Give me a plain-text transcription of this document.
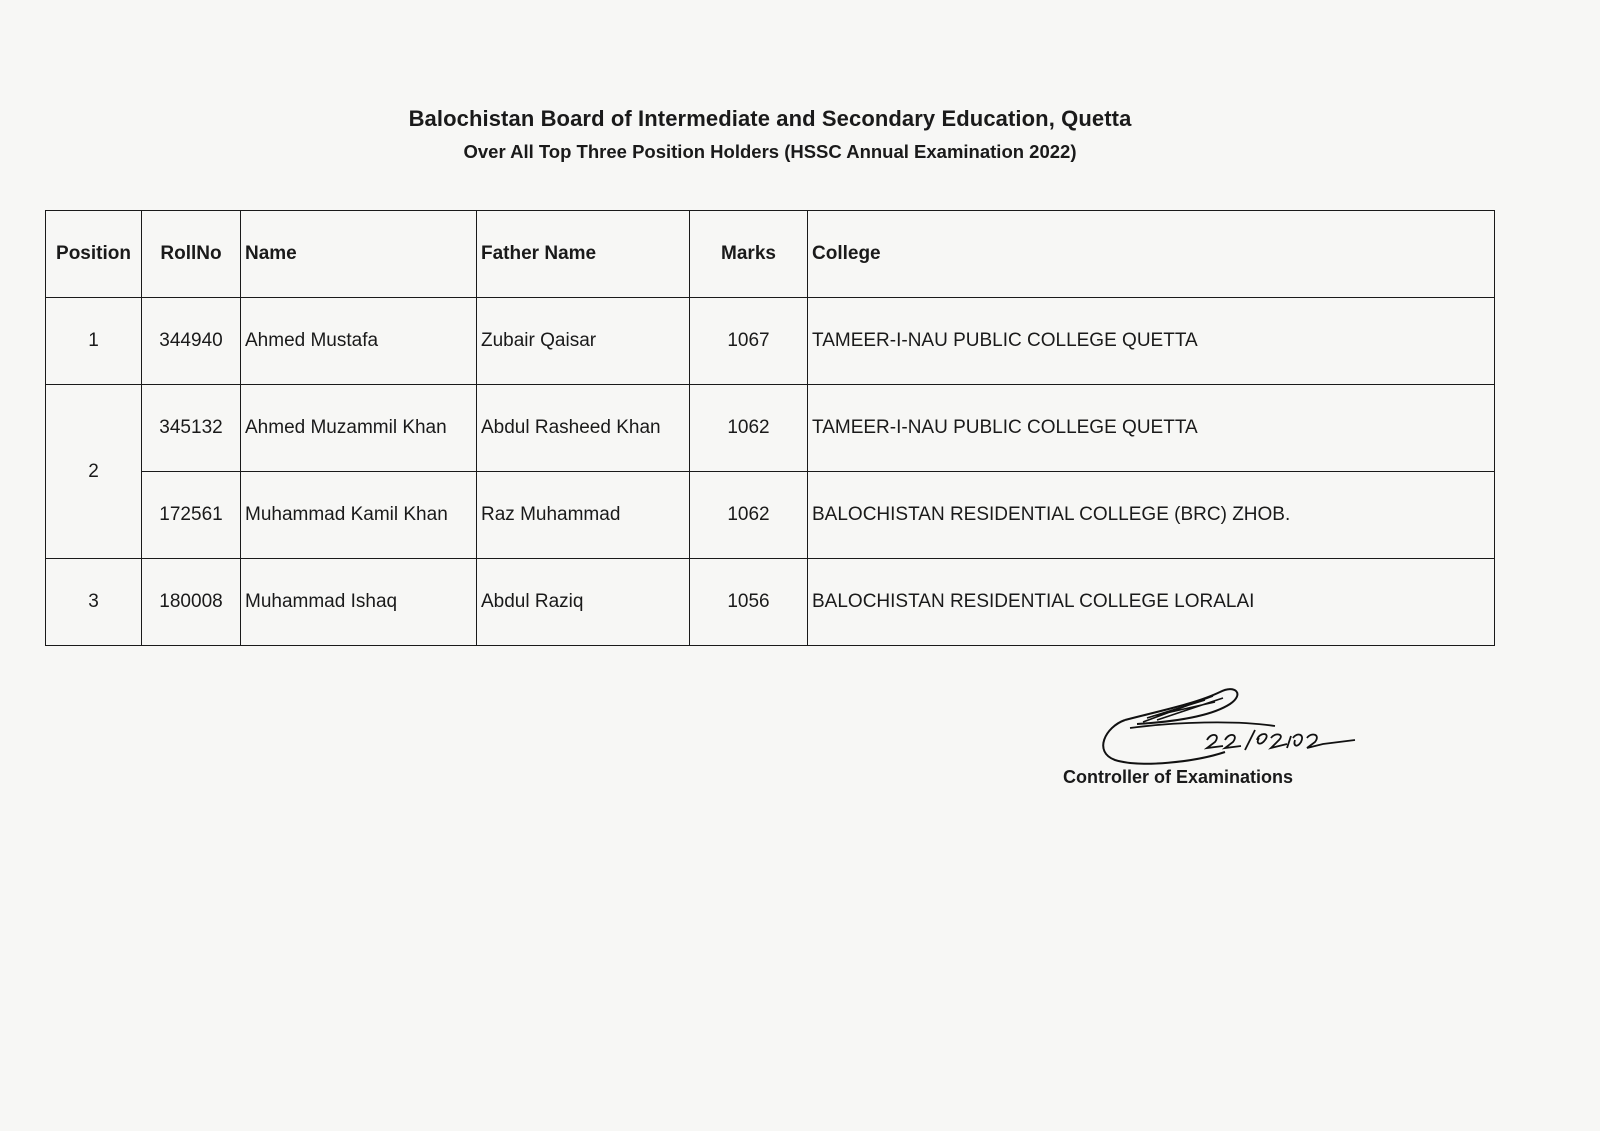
Balochistan Board of Intermediate and Secondary Education, Quetta
Over All Top Three Position Holders (HSSC Annual Examination 2022)
Position	RollNo	Name	Father Name	Marks	College
1	344940	Ahmed Mustafa	Zubair Qaisar	1067	TAMEER-I-NAU PUBLIC COLLEGE QUETTA
2	345132	Ahmed Muzammil Khan	Abdul Rasheed Khan	1062	TAMEER-I-NAU PUBLIC COLLEGE QUETTA
	172561	Muhammad Kamil Khan	Raz Muhammad	1062	BALOCHISTAN RESIDENTIAL COLLEGE (BRC) ZHOB.
3	180008	Muhammad Ishaq	Abdul Raziq	1056	BALOCHISTAN RESIDENTIAL COLLEGE LORALAI
Controller of Examinations
